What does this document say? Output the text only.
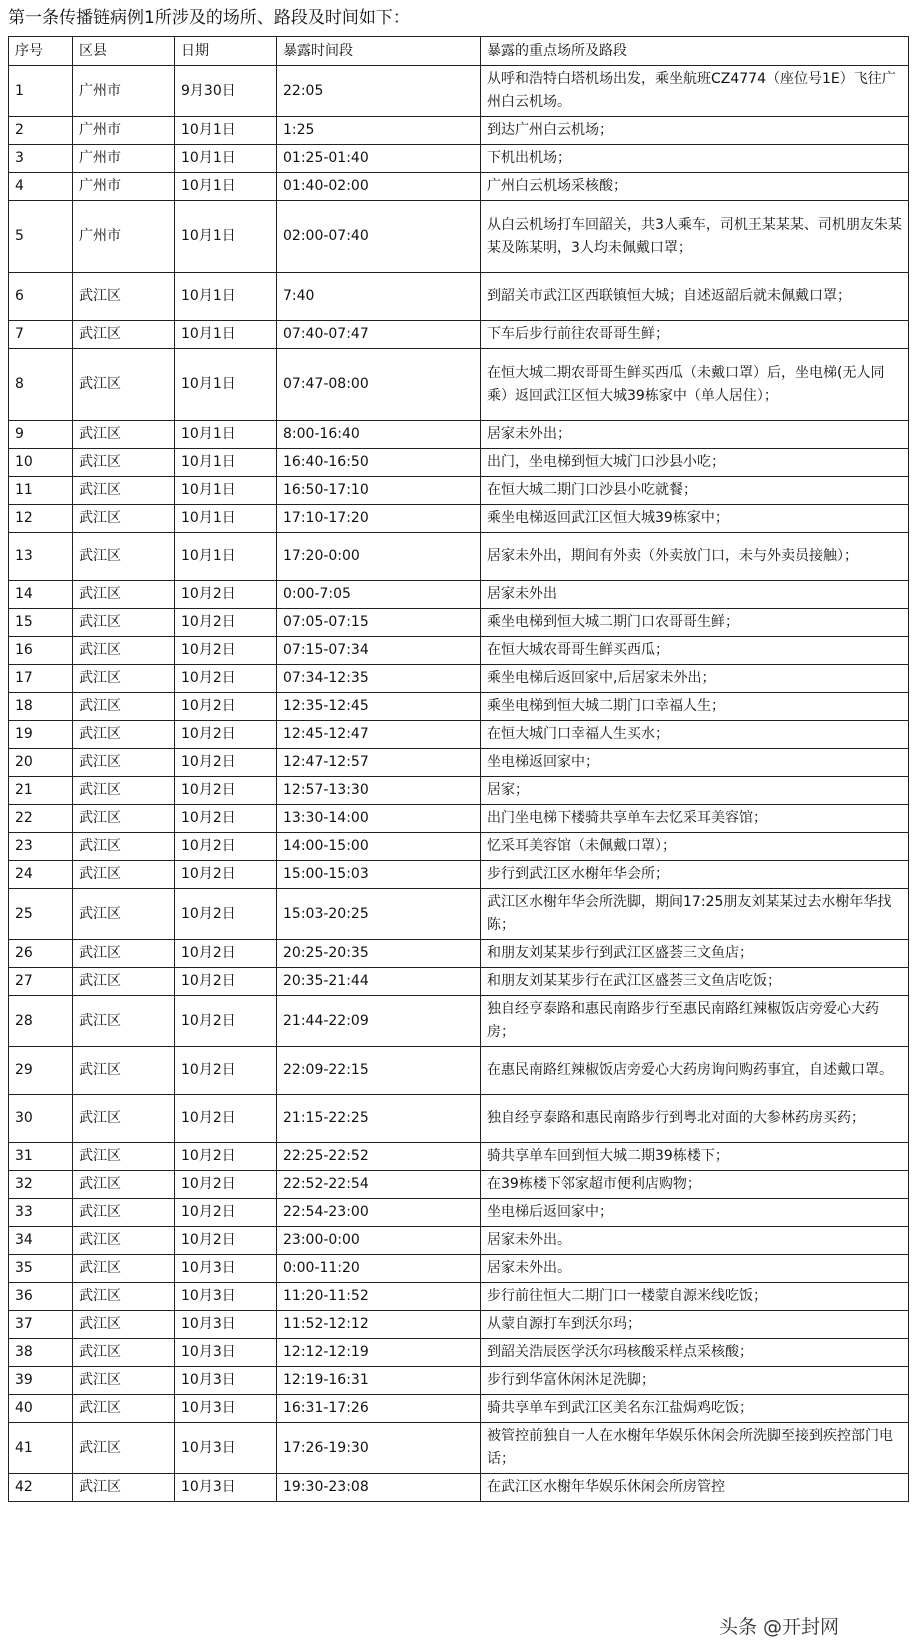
第一条传播链病例1所涉及的场所、路段及时间如下：
序号	区县	日期	暴露时间段	暴露的重点场所及路段
1	广州市	9月30日	22:05	从呼和浩特白塔机场出发，乘坐航班CZ4774（座位号1E）飞往广州白云机场。
2	广州市	10月1日	1:25	到达广州白云机场；
3	广州市	10月1日	01:25-01:40	下机出机场；
4	广州市	10月1日	01:40-02:00	广州白云机场采核酸；
5	广州市	10月1日	02:00-07:40	从白云机场打车回韶关，共3人乘车，司机王某某某、司机朋友朱某某及陈某明，3人均未佩戴口罩；
6	武江区	10月1日	7:40	到韶关市武江区西联镇恒大城；自述返韶后就未佩戴口罩；
7	武江区	10月1日	07:40-07:47	下车后步行前往农哥哥生鲜；
8	武江区	10月1日	07:47-08:00	在恒大城二期农哥哥生鲜买西瓜（未戴口罩）后，坐电梯(无人同乘）返回武江区恒大城39栋家中（单人居住）；
9	武江区	10月1日	8:00-16:40	居家未外出；
10	武江区	10月1日	16:40-16:50	出门，坐电梯到恒大城门口沙县小吃；
11	武江区	10月1日	16:50-17:10	在恒大城二期门口沙县小吃就餐；
12	武江区	10月1日	17:10-17:20	乘坐电梯返回武江区恒大城39栋家中；
13	武江区	10月1日	17:20-0:00	居家未外出，期间有外卖（外卖放门口，未与外卖员接触）；
14	武江区	10月2日	0:00-7:05	居家未外出
15	武江区	10月2日	07:05-07:15	乘坐电梯到恒大城二期门口农哥哥生鲜；
16	武江区	10月2日	07:15-07:34	在恒大城农哥哥生鲜买西瓜；
17	武江区	10月2日	07:34-12:35	乘坐电梯后返回家中,后居家未外出；
18	武江区	10月2日	12:35-12:45	乘坐电梯到恒大城二期门口幸福人生；
19	武江区	10月2日	12:45-12:47	在恒大城门口幸福人生买水；
20	武江区	10月2日	12:47-12:57	坐电梯返回家中；
21	武江区	10月2日	12:57-13:30	居家；
22	武江区	10月2日	13:30-14:00	出门坐电梯下楼骑共享单车去忆采耳美容馆；
23	武江区	10月2日	14:00-15:00	忆采耳美容馆（未佩戴口罩）；
24	武江区	10月2日	15:00-15:03	步行到武江区水榭年华会所；
25	武江区	10月2日	15:03-20:25	武江区水榭年华会所洗脚，期间17:25朋友刘某某过去水榭年华找陈；
26	武江区	10月2日	20:25-20:35	和朋友刘某某步行到武江区盛荟三文鱼店；
27	武江区	10月2日	20:35-21:44	和朋友刘某某步行在武江区盛荟三文鱼店吃饭；
28	武江区	10月2日	21:44-22:09	独自经亨泰路和惠民南路步行至惠民南路红辣椒饭店旁爱心大药房；
29	武江区	10月2日	22:09-22:15	在惠民南路红辣椒饭店旁爱心大药房询问购药事宜，自述戴口罩。
30	武江区	10月2日	21:15-22:25	独自经亨泰路和惠民南路步行到粤北对面的大参林药房买药；
31	武江区	10月2日	22:25-22:52	骑共享单车回到恒大城二期39栋楼下；
32	武江区	10月2日	22:52-22:54	在39栋楼下邻家超市便利店购物；
33	武江区	10月2日	22:54-23:00	坐电梯后返回家中；
34	武江区	10月2日	23:00-0:00	居家未外出。
35	武江区	10月3日	0:00-11:20	居家未外出。
36	武江区	10月3日	11:20-11:52	步行前往恒大二期门口一楼蒙自源米线吃饭；
37	武江区	10月3日	11:52-12:12	从蒙自源打车到沃尔玛；
38	武江区	10月3日	12:12-12:19	到韶关浩辰医学沃尔玛核酸采样点采核酸；
39	武江区	10月3日	12:19-16:31	步行到华富休闲沐足洗脚；
40	武江区	10月3日	16:31-17:26	骑共享单车到武江区美名东江盐焗鸡吃饭；
41	武江区	10月3日	17:26-19:30	被管控前独自一人在水榭年华娱乐休闲会所洗脚至接到疾控部门电话；
42	武江区	10月3日	19:30-23:08	在武江区水榭年华娱乐休闲会所房管控
头条 @开封网
